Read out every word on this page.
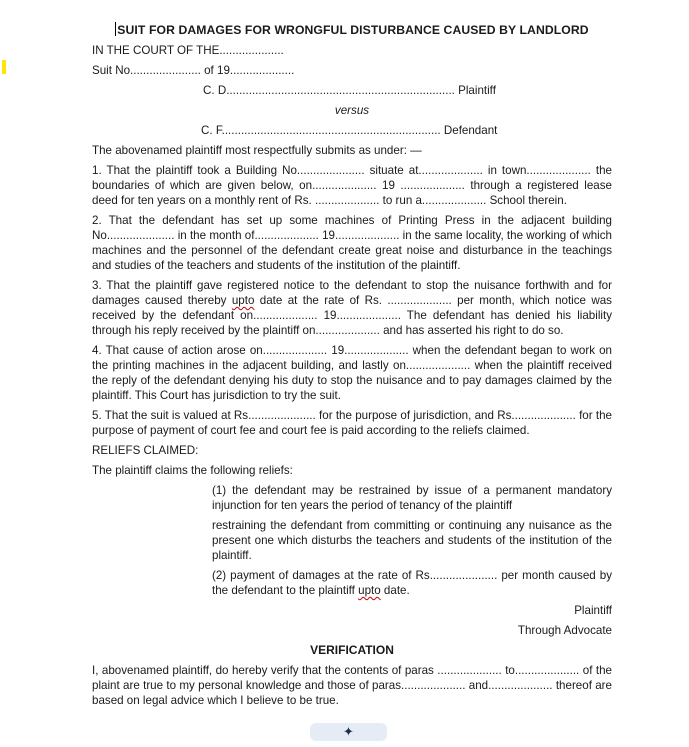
SUIT FOR DAMAGES FOR WRONGFUL DISTURBANCE CAUSED BY LANDLORD
IN THE COURT OF THE....................
Suit No...................... of 19....................
C. D....................................................................... Plaintiff
versus
C. F.................................................................... Defendant
The abovenamed plaintiff most respectfully submits as under: —
1. That the plaintiff took a Building No..................... situate at.................... in town.................... the boundaries of which are given below, on.................... 19 .................... through a registered lease deed for ten years on a monthly rent of Rs. .................... to run a.................... School therein.
2. That the defendant has set up some machines of Printing Press in the adjacent building No..................... in the month of.................... 19.................... in the same locality, the working of which machines and the personnel of the defendant create great noise and disturbance in the teachings and studies of the teachers and students of the institution of the plaintiff.
3. That the plaintiff gave registered notice to the defendant to stop the nuisance forthwith and for damages caused thereby upto date at the rate of Rs. .................... per month, which notice was received by the defendant on.................... 19.................... The defendant has denied his liability through his reply received by the plaintiff on.................... and has asserted his right to do so.
4. That cause of action arose on.................... 19.................... when the defendant began to work on the printing machines in the adjacent building, and lastly on.................... when the plaintiff received the reply of the defendant denying his duty to stop the nuisance and to pay damages claimed by the plaintiff. This Court has jurisdiction to try the suit.
5. That the suit is valued at Rs..................... for the purpose of jurisdiction, and Rs.................... for the purpose of payment of court fee and court fee is paid according to the reliefs claimed.
RELIEFS CLAIMED:
The plaintiff claims the following reliefs:
(1) the defendant may be restrained by issue of a permanent mandatory injunction for ten years the period of tenancy of the plaintiff
restraining the defendant from committing or continuing any nuisance as the present one which disturbs the teachers and students of the institution of the plaintiff.
(2) payment of damages at the rate of Rs..................... per month caused by the defendant to the plaintiff upto date.
Plaintiff
Through Advocate
VERIFICATION
I, abovenamed plaintiff, do hereby verify that the contents of paras .................... to.................... of the plaint are true to my personal knowledge and those of paras.................... and.................... thereof are based on legal advice which I believe to be true.
✦
